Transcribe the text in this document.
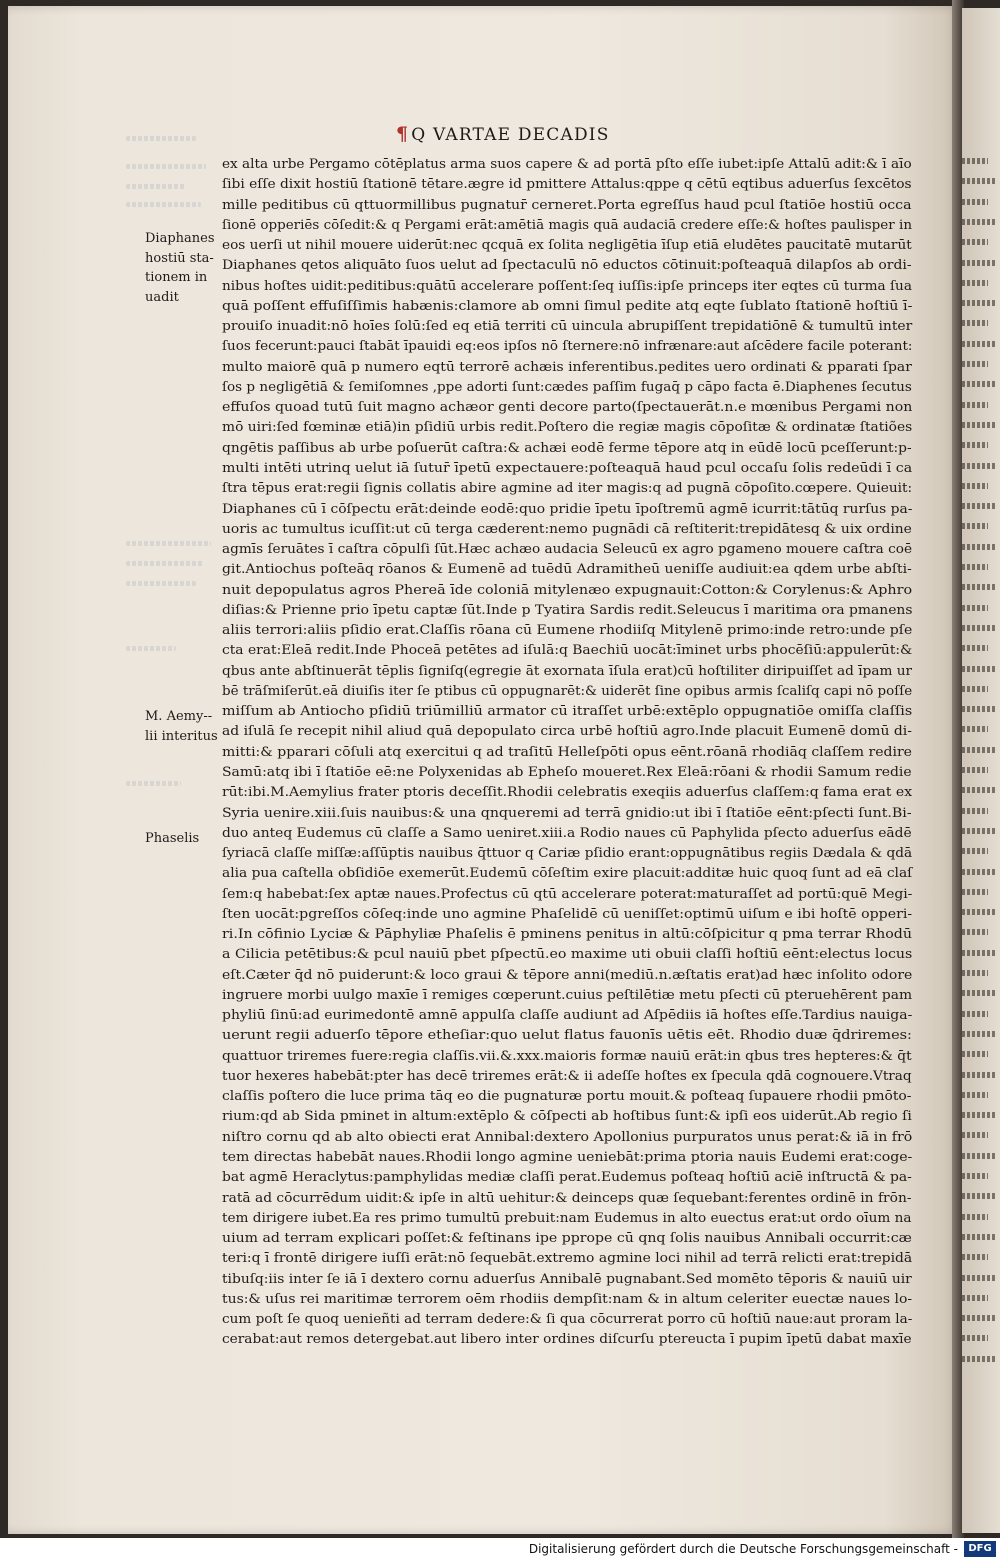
¶ Q VARTAE DECADIS
Diaphanes
hostiū sta-
tionem in
uadit
M. Aemy--
lii interitus
Phaselis
ex alta urbe Pergamo cōtēplatus arma suos capere & ad portā pſto eſſe iubet:ipſe Attalū adit:& ī aīo
ſibi eſſe dixit hostiū ſtationē tētare.ægre id pmittere Attalus:qppe q cētū eqtibus aduerſus ſexcētos
mille peditibus cū qttuormillibus pugnatur̄ cerneret.Porta egreſſus haud pcul ſtatiōe hostiū occa
ſionē opperiēs cōſedit:& q Pergami erāt:amētiā magis quā audaciā credere eſſe:& hoſtes paulisper in
eos uerſi ut nihil mouere uiderūt:nec qcquā ex ſolita negligētia īſup etiā eludētes paucitatē mutarūt
Diaphanes qetos aliquāto ſuos uelut ad ſpectaculū nō eductos cōtinuit:poſteaquā dilapſos ab ordi-
nibus hoſtes uidit:peditibus:quātū accelerare poſſent:ſeq iuſſis:ipſe princeps iter eqtes cū turma ſua
quā poſſent effuſiſſimis habænis:clamore ab omni ſimul pedite atq eqte ſublato ſtationē hoſtiū ī-
prouiſo inuadit:nō hoīes ſolū:ſed eq etiā territi cū uincula abrupiſſent trepidatiōnē & tumultū inter
ſuos fecerunt:pauci ſtabāt īpauidi eq:eos ipſos nō ſternere:nō infrænare:aut aſcēdere facile poterant:
multo maiorē quā p numero eqtū terrorē achæis inferentibus.pedites uero ordinati & pparati ſpar
ſos p negligētiā & ſemiſomnes ,ppe adorti ſunt:cædes paſſim fugaq̄ p cāpo facta ē.Diaphenes ſecutus
effuſos quoad tutū ſuit magno achæor genti decore parto(ſpectauerāt.n.e mœnibus Pergami non
mō uiri:ſed fœminæ etiā)in pſidiū urbis redit.Poſtero die regiæ magis cōpoſitæ & ordinatæ ſtatiões
qngētis paſſibus ab urbe poſuerūt caſtra:& achæi eodē ferme tēpore atq in eūdē locū pceſſerunt:p-
multi intēti utrinq uelut iā ſutur̄ īpetū expectauere:poſteaquā haud pcul occaſu ſolis redeūdi ī ca
ſtra tēpus erat:regii ſignis collatis abire agmine ad iter magis:q ad pugnā cōpoſito.cœpere. Quieuit:
Diaphanes cū ī cōſpectu erāt:deinde eodē:quo pridie īpetu īpoſtremū agmē icurrit:tātūq rurſus pa-
uoris ac tumultus icuſſit:ut cū terga cæderent:nemo pugnādi cā reſtiterit:trepidātesq & uix ordine
agmīs ſeruātes ī caſtra cōpulſi ſūt.Hæc achæo audacia Seleucū ex agro pgameno mouere caſtra coē
git.Antiochus poſteāq rōanos & Eumenē ad tuēdū Adramitheū ueniſſe audiuit:ea qdem urbe abſti-
nuit depopulatus agros Phereā īde coloniā mitylenæo expugnauit:Cotton:& Corylenus:& Aphro
diſias:& Prienne prio īpetu captæ ſūt.Inde p Tyatira Sardis redit.Seleucus ī maritima ora pmanens
aliis terrori:aliis pſidio erat.Claſſis rōana cū Eumene rhodiiſq Mitylenē primo:inde retro:unde pſe
cta erat:Eleā redit.Inde Phoceā petētes ad iſulā:q Baechiū uocāt:īminet urbs phocēſiū:appulerūt:&
qbus ante abſtinuerāt tēplis ſigniſq(egregie āt exornata īſula erat)cū hoſtiliter diripuiſſet ad īpam ur
bē trāſmiſerūt.eā diuiſis iter ſe ptibus cū oppugnarēt:& uiderēt ſine opibus armis ſcaliſq capi nō poſſe
miſſum ab Antiocho pſidiū triūmilliū armator cū itraſſet urbē:extēplo oppugnatiōe omiſſa claſſis
ad iſulā ſe recepit nihil aliud quā depopulato circa urbē hoſtiū agro.Inde placuit Eumenē domū di-
mitti:& pparari cōſuli atq exercitui q ad traſitū Helleſpōti opus eēnt.rōanā rhodiāq claſſem redire
Samū:atq ibi ī ſtatiōe eē:ne Polyxenidas ab Epheſo moueret.Rex Eleā:rōani & rhodii Samum redie
rūt:ibi.M.Aemylius frater ptoris deceſſit.Rhodii celebratis exeqiis aduerſus claſſem:q fama erat ex
Syria uenire.xiii.ſuis nauibus:& una qnqueremi ad terrā gnidio:ut ibi ī ſtatiōe eēnt:pſecti ſunt.Bi-
duo anteq Eudemus cū claſſe a Samo ueniret.xiii.a Rodio naues cū Paphylida pſecto aduerſus eādē
ſyriacā claſſe miſſæ:aſſūptis nauibus q̄ttuor q Cariæ pſidio erant:oppugnātibus regiis Dædala & qdā
alia pua caſtella obſidiōe exemerūt.Eudemū cōſeſtim exire placuit:additæ huic quoq ſunt ad eā claſ
ſem:q habebat:ſex aptæ naues.Profectus cū qtū accelerare poterat:maturaſſet ad portū:quē Megi-
ſten uocāt:pgreſſos cōſeq:inde uno agmine Phaſelidē cū ueniſſet:optimū uiſum e ibi hoſtē opperi-
ri.In cōfinio Lyciæ & Pāphyliæ Phaſelis ē pminens penitus in altū:cōſpicitur q pma terrar Rhodū
a Cilicia petētibus:& pcul nauiū pbet pſpectū.eo maxime uti obuii claſſi hoſtiū eēnt:electus locus
eſt.Cæter q̄d nō puiderunt:& loco graui & tēpore anni(mediū.n.æſtatis erat)ad hæc inſolito odore
ingruere morbi uulgo maxīe ī remiges cœperunt.cuius peſtilētiæ metu pſecti cū pteruehērent pam
phyliū ſinū:ad eurimedontē amnē appulſa claſſe audiunt ad Aſpēdiis iā hoſtes eſſe.Tardius nauiga-
uerunt regii aduerſo tēpore etheſiar:quo uelut flatus fauonīs uētis eēt. Rhodio duæ q̄driremes:
quattuor triremes fuere:regia claſſis.vii.&.xxx.maioris formæ nauiū erāt:in qbus tres hepteres:& q̄t
tuor hexeres habebāt:pter has decē triremes erāt:& ii adeſſe hoſtes ex ſpecula qdā cognouere.Vtraq
claſſis poſtero die luce prima tāq eo die pugnaturæ portu mouit.& poſteaq ſupauere rhodii pmōto-
rium:qd ab Sida pminet in altum:extēplo & cōſpecti ab hoſtibus ſunt:& ipſi eos uiderūt.Ab regio ſi
niſtro cornu qd ab alto obiecti erat Annibal:dextero Apollonius purpuratos unus perat:& iā in frō
tem directas habebāt naues.Rhodii longo agmine ueniebāt:prima ptoria nauis Eudemi erat:coge-
bat agmē Heraclytus:pamphylidas mediæ claſſi perat.Eudemus poſteaq hoſtiū aciē inſtructā & pa-
ratā ad cōcurrēdum uidit:& ipſe in altū uehitur:& deinceps quæ ſequebant:ferentes ordinē in frōn-
tem dirigere iubet.Ea res primo tumultū prebuit:nam Eudemus in alto euectus erat:ut ordo oīum na
uium ad terram explicari poſſet:& feſtinans ipe pprope cū qnq ſolis nauibus Annibali occurrit:cæ
teri:q ī frontē dirigere iuſſi erāt:nō ſequebāt.extremo agmine loci nihil ad terrā relicti erat:trepidā
tibuſq:iis inter ſe iā ī dextero cornu aduerſus Annibalē pugnabant.Sed momēto tēporis & nauiū uir
tus:& uſus rei maritimæ terrorem oēm rhodiis dempſit:nam & in altum celeriter euectæ naues lo-
cum poſt ſe quoq uenieñti ad terram dedere:& ſi qua cōcurrerat porro cū hoſtiū naue:aut proram la-
cerabat:aut remos detergebat.aut libero inter ordines diſcurſu ptereucta ī pupim īpetū dabat maxīe
Digitalisierung gefördert durch die Deutsche Forschungsgemeinschaft -	DFG
